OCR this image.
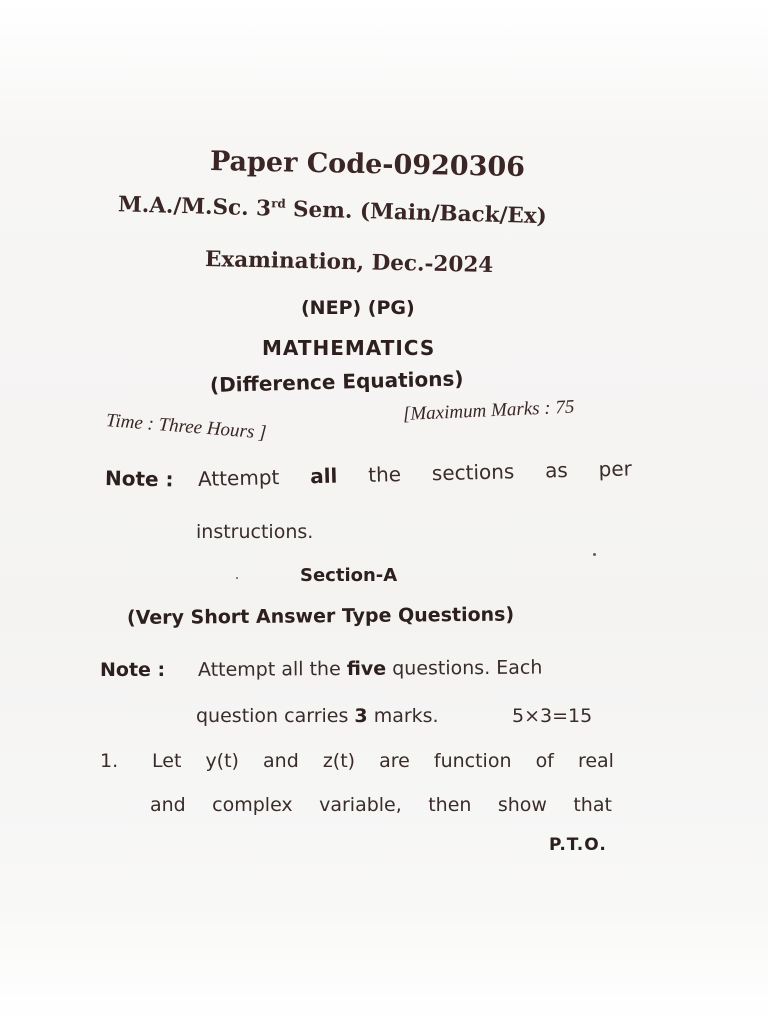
Paper Code-0920306
M.A./M.Sc. 3rd Sem. (Main/Back/Ex)
Examination, Dec.-2024
(NEP) (PG)
MATHEMATICS
(Difference Equations)
Time : Three Hours ]	[Maximum Marks : 75
Note : Attempt all the sections as per
instructions.
Section-A
(Very Short Answer Type Questions)
Note : Attempt all the five questions. Each
question carries 3 marks.	5×3=15
1. Let y(t) and z(t) are function of real
and complex variable, then show that
P.T.O.
